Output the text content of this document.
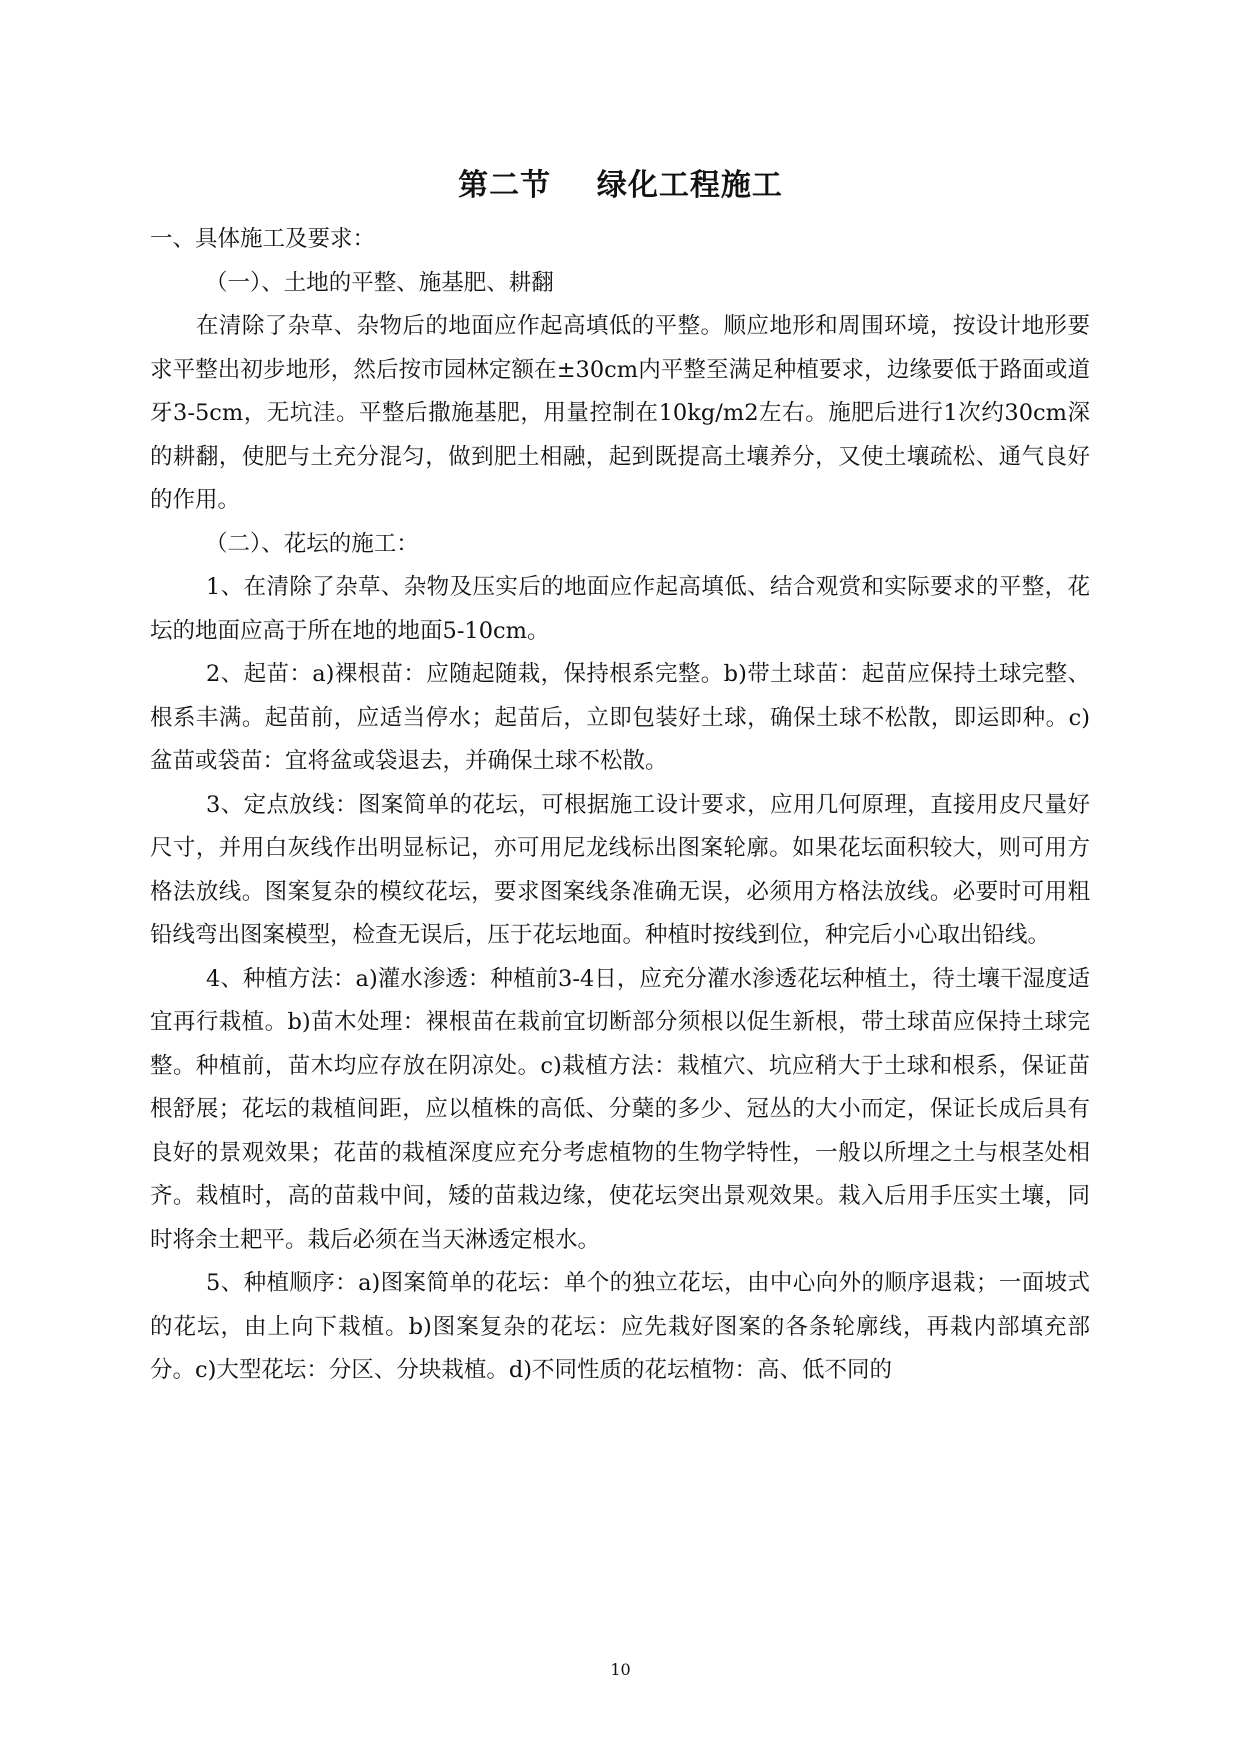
第二节    绿化工程施工

一、具体施工及要求：

（一）、土地的平整、施基肥、耕翻

在清除了杂草、杂物后的地面应作起高填低的平整。顺应地形和周围环境，按设计地形要求平整出初步地形，然后按市园林定额在±30cm内平整至满足种植要求，边缘要低于路面或道牙3-5cm，无坑洼。平整后撒施基肥，用量控制在10kg/m2左右。施肥后进行1次约30cm深的耕翻，使肥与土充分混匀，做到肥土相融，起到既提高土壤养分，又使土壤疏松、通气良好的作用。

（二）、花坛的施工：

1、在清除了杂草、杂物及压实后的地面应作起高填低、结合观赏和实际要求的平整，花坛的地面应高于所在地的地面5-10cm。

2、起苗：a)裸根苗：应随起随栽，保持根系完整。b)带土球苗：起苗应保持土球完整、根系丰满。起苗前，应适当停水；起苗后，立即包装好土球，确保土球不松散，即运即种。c)盆苗或袋苗：宜将盆或袋退去，并确保土球不松散。

3、定点放线：图案简单的花坛，可根据施工设计要求，应用几何原理，直接用皮尺量好尺寸，并用白灰线作出明显标记，亦可用尼龙线标出图案轮廓。如果花坛面积较大，则可用方格法放线。图案复杂的模纹花坛，要求图案线条准确无误，必须用方格法放线。必要时可用粗铅线弯出图案模型，检查无误后，压于花坛地面。种植时按线到位，种完后小心取出铅线。

4、种植方法：a)灌水渗透：种植前3-4日，应充分灌水渗透花坛种植土，待土壤干湿度适宜再行栽植。b)苗木处理：裸根苗在栽前宜切断部分须根以促生新根，带土球苗应保持土球完整。种植前，苗木均应存放在阴凉处。c)栽植方法：栽植穴、坑应稍大于土球和根系，保证苗根舒展；花坛的栽植间距，应以植株的高低、分蘖的多少、冠丛的大小而定，保证长成后具有良好的景观效果；花苗的栽植深度应充分考虑植物的生物学特性，一般以所埋之土与根茎处相齐。栽植时，高的苗栽中间，矮的苗栽边缘，使花坛突出景观效果。栽入后用手压实土壤，同时将余土耙平。栽后必须在当天淋透定根水。

5、种植顺序：a)图案简单的花坛：单个的独立花坛，由中心向外的顺序退栽；一面坡式的花坛，由上向下栽植。b)图案复杂的花坛：应先栽好图案的各条轮廓线，再栽内部填充部分。c)大型花坛：分区、分块栽植。d)不同性质的花坛植物：高、低不同的

10
